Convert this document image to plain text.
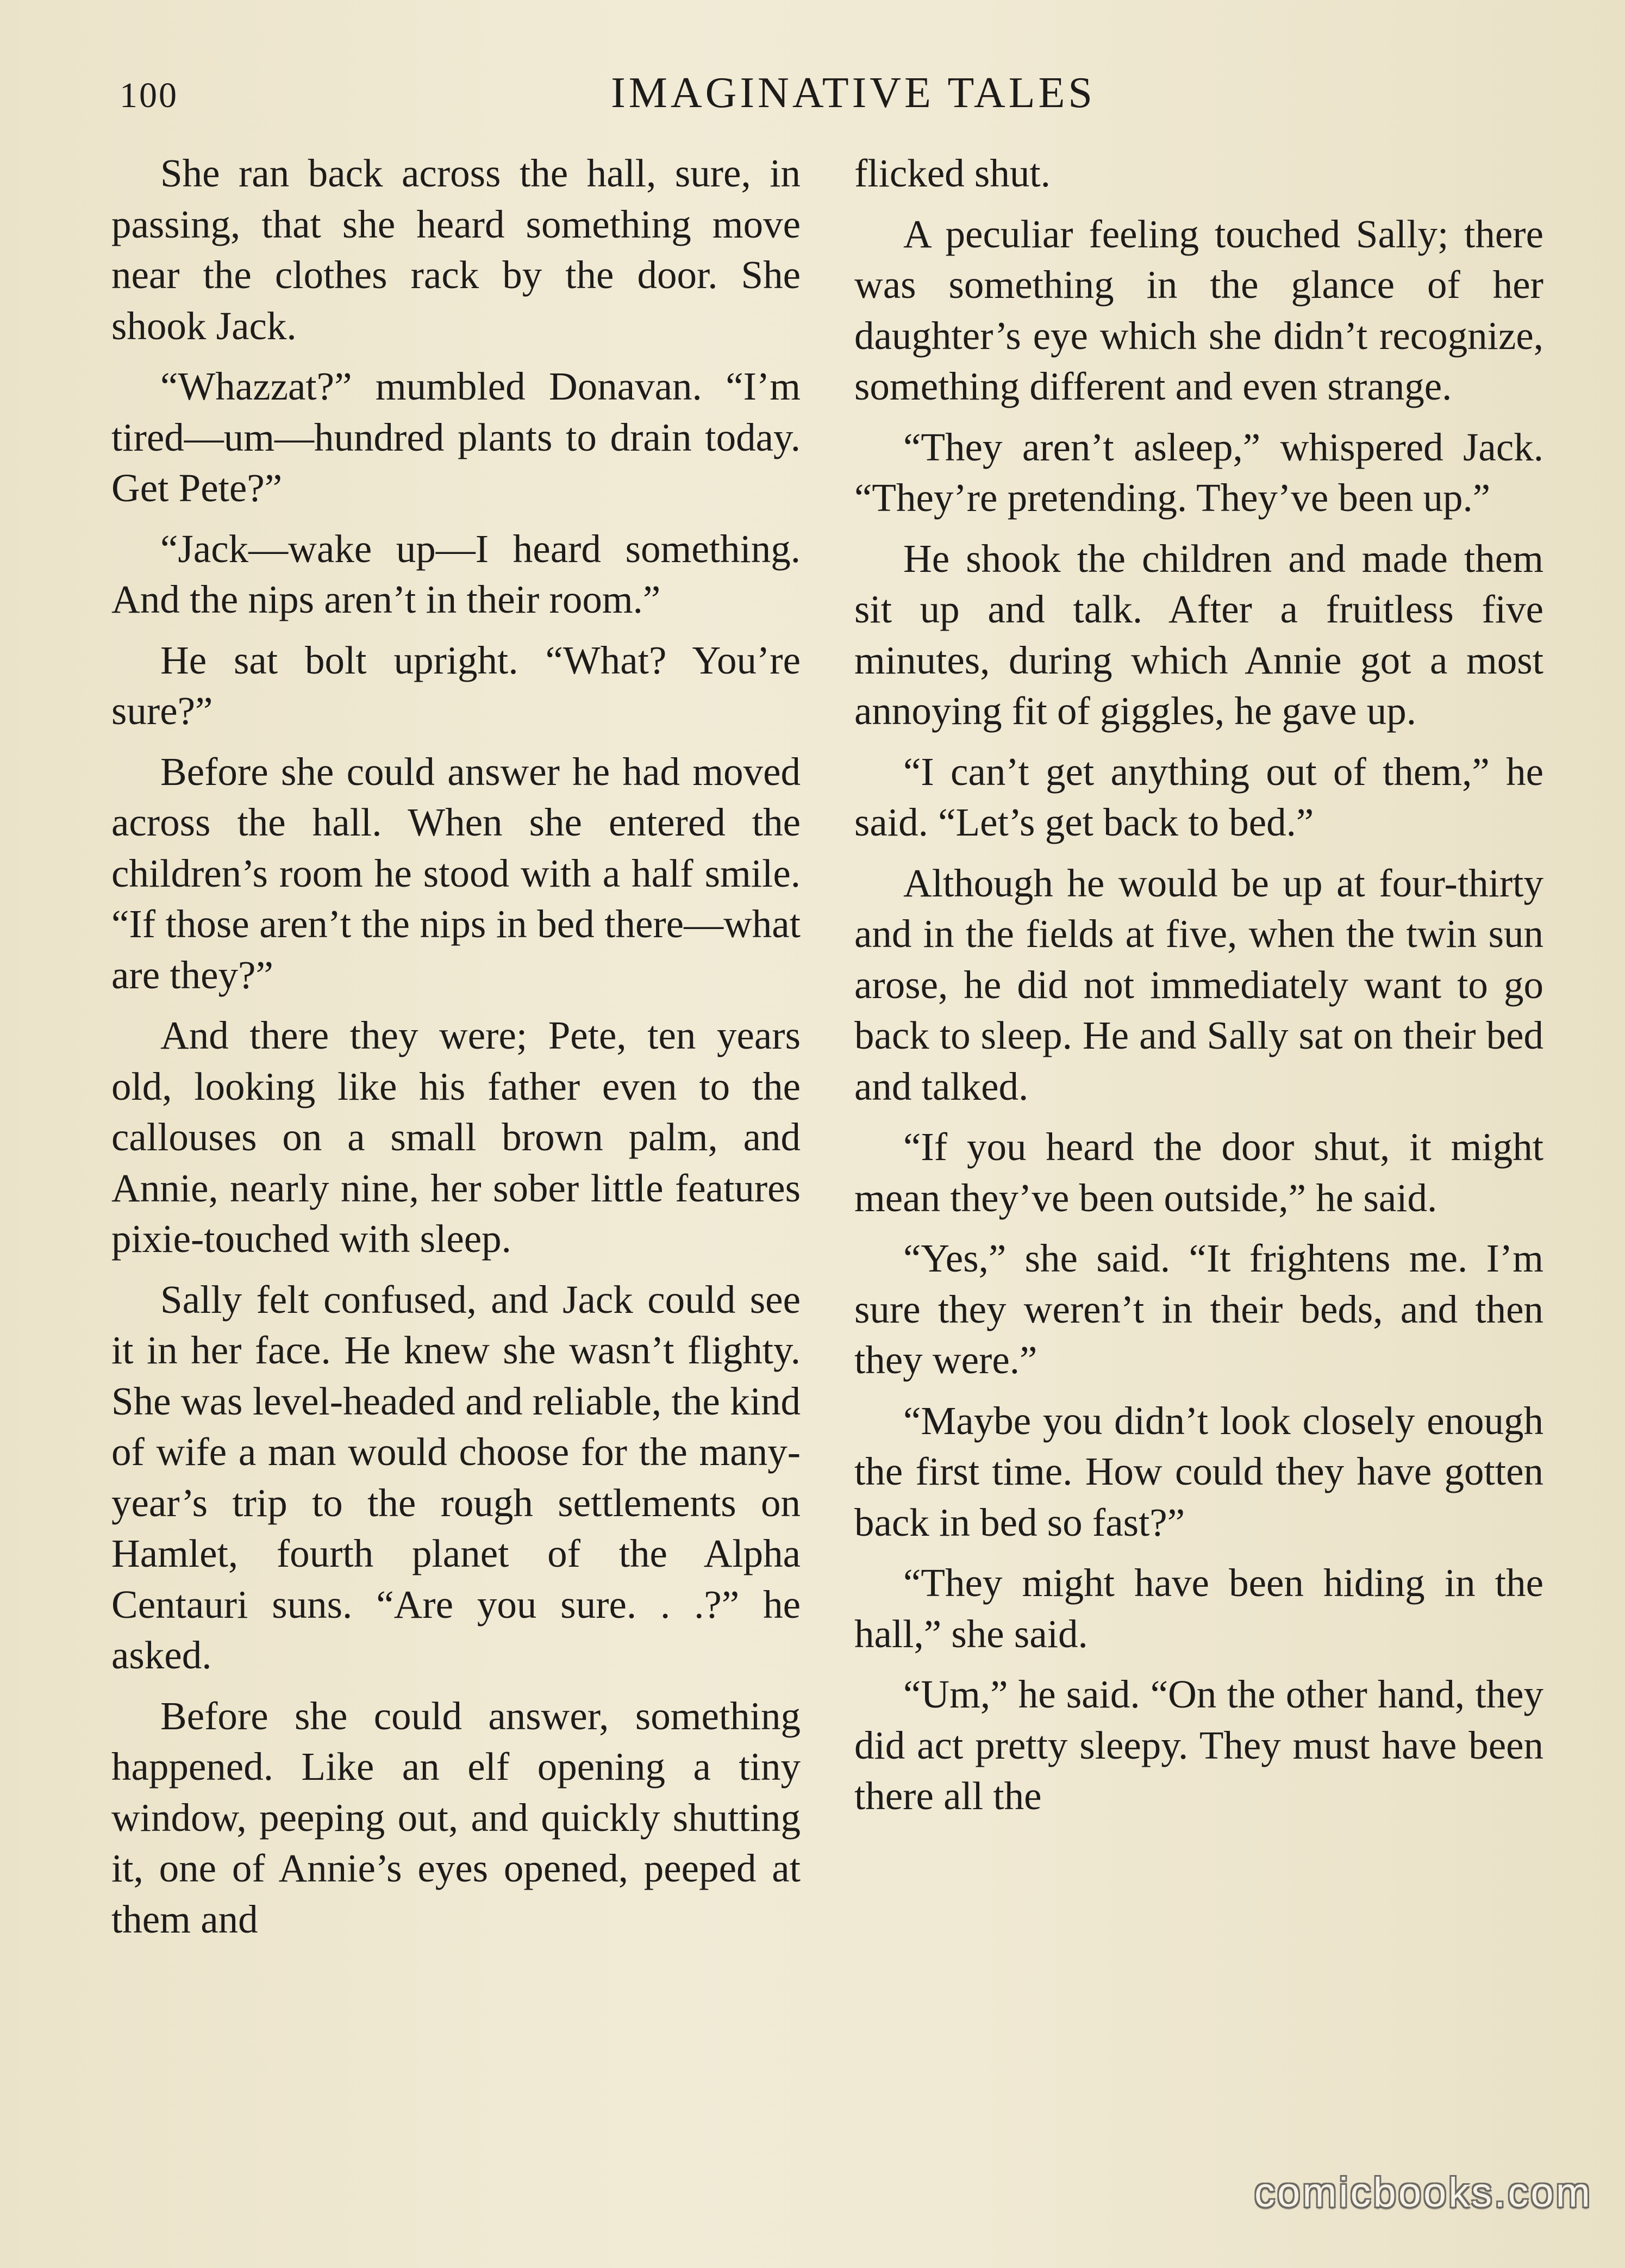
100	IMAGINATIVE TALES

She ran back across the hall, sure, in passing, that she heard something move near the clothes rack by the door. She shook Jack.

“Whazzat?” mumbled Donavan. “I’m tired—um—hundred plants to drain today. Get Pete?”

“Jack—wake up—I heard something. And the nips aren’t in their room.”

He sat bolt upright. “What? You’re sure?”

Before she could answer he had moved across the hall. When she entered the children’s room he stood with a half smile. “If those aren’t the nips in bed there—what are they?”

And there they were; Pete, ten years old, looking like his father even to the callouses on a small brown palm, and Annie, nearly nine, her sober little features pixie-touched with sleep.

Sally felt confused, and Jack could see it in her face. He knew she wasn’t flighty. She was level-headed and reliable, the kind of wife a man would choose for the many-year’s trip to the rough settlements on Hamlet, fourth planet of the Alpha Centauri suns. “Are you sure. . .?” he asked.

Before she could answer, something happened. Like an elf opening a tiny window, peeping out, and quickly shutting it, one of Annie’s eyes opened, peeped at them and

flicked shut.

A peculiar feeling touched Sally; there was something in the glance of her daughter’s eye which she didn’t recognize, something different and even strange.

“They aren’t asleep,” whispered Jack. “They’re pretending. They’ve been up.”

He shook the children and made them sit up and talk. After a fruitless five minutes, during which Annie got a most annoying fit of giggles, he gave up.

“I can’t get anything out of them,” he said. “Let’s get back to bed.”

Although he would be up at four-thirty and in the fields at five, when the twin sun arose, he did not immediately want to go back to sleep. He and Sally sat on their bed and talked.

“If you heard the door shut, it might mean they’ve been outside,” he said.

“Yes,” she said. “It frightens me. I’m sure they weren’t in their beds, and then they were.”

“Maybe you didn’t look closely enough the first time. How could they have gotten back in bed so fast?”

“They might have been hiding in the hall,” she said.

“Um,” he said. “On the other hand, they did act pretty sleepy. They must have been there all the

comicbooks.com
